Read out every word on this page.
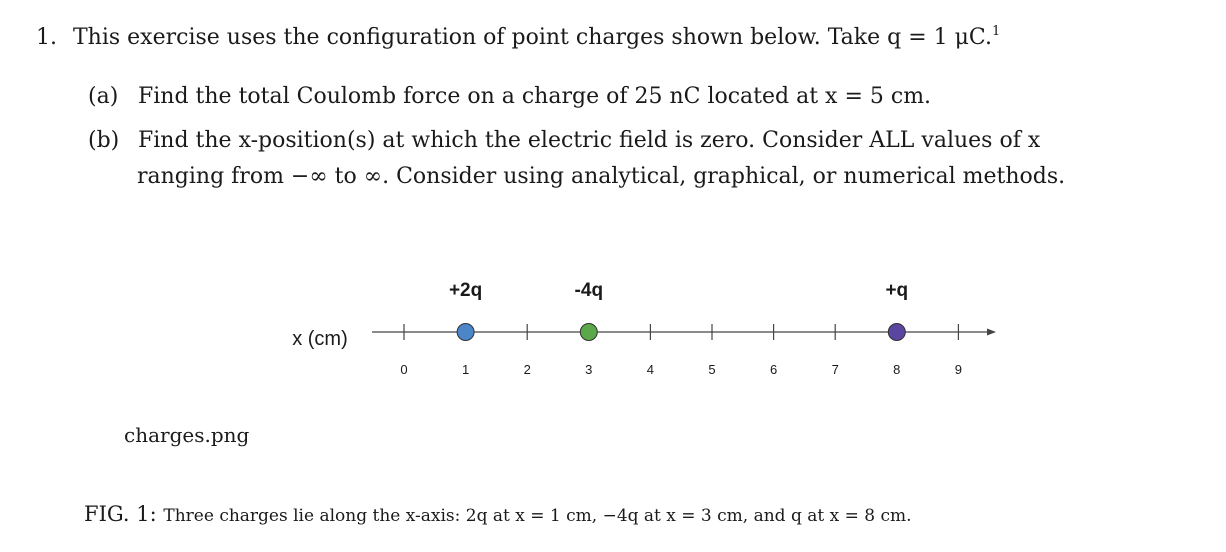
1. This exercise uses the configuration of point charges shown below. Take q = 1 μC.$^1$
(a) Find the total Coulomb force on a charge of 25 nC located at x = 5 cm.
(b) Find the x-position(s) at which the electric field is zero. Consider ALL values of x
ranging from −∞ to ∞. Consider using analytical, graphical, or numerical methods.
x (cm)
0	1	2	3	4	5	6	7	8	9
+2q	-4q	+q
charges.png
FIG. 1: Three charges lie along the x-axis: 2q at x = 1 cm, −4q at x = 3 cm, and q at x = 8 cm.
